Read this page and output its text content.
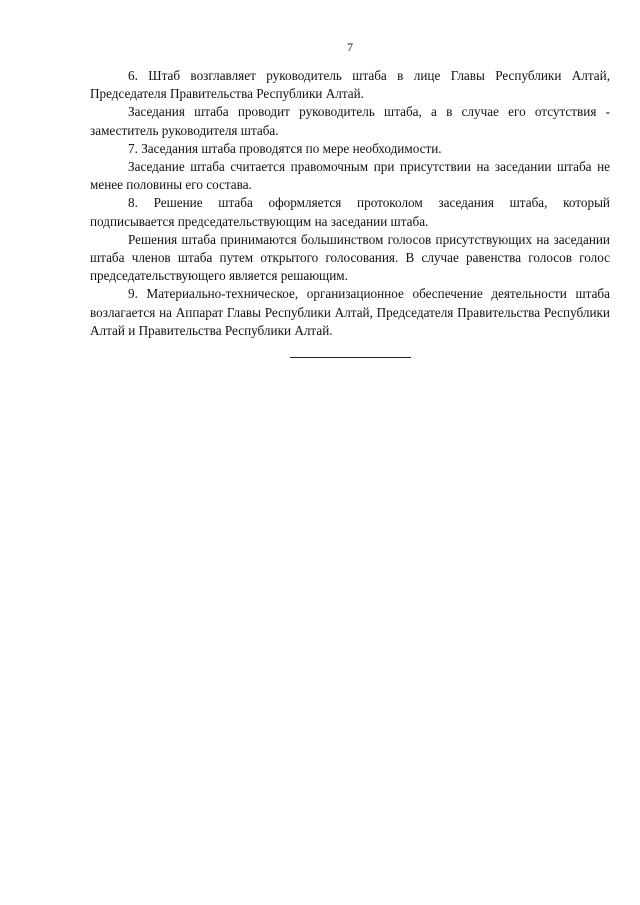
7

6. Штаб возглавляет руководитель штаба в лице Главы Республики Алтай, Председателя Правительства Республики Алтай.

Заседания штаба проводит руководитель штаба, а в случае его отсутствия - заместитель руководителя штаба.

7. Заседания штаба проводятся по мере необходимости.

Заседание штаба считается правомочным при присутствии на заседании штаба не менее половины его состава.

8. Решение штаба оформляется протоколом заседания штаба, который подписывается председательствующим на заседании штаба.

Решения штаба принимаются большинством голосов присутствующих на заседании штаба членов штаба путем открытого голосования. В случае равенства голосов голос председательствующего является решающим.

9. Материально-техническое, организационное обеспечение деятельности штаба возлагается на Аппарат Главы Республики Алтай, Председателя Правительства Республики Алтай и Правительства Республики Алтай.
